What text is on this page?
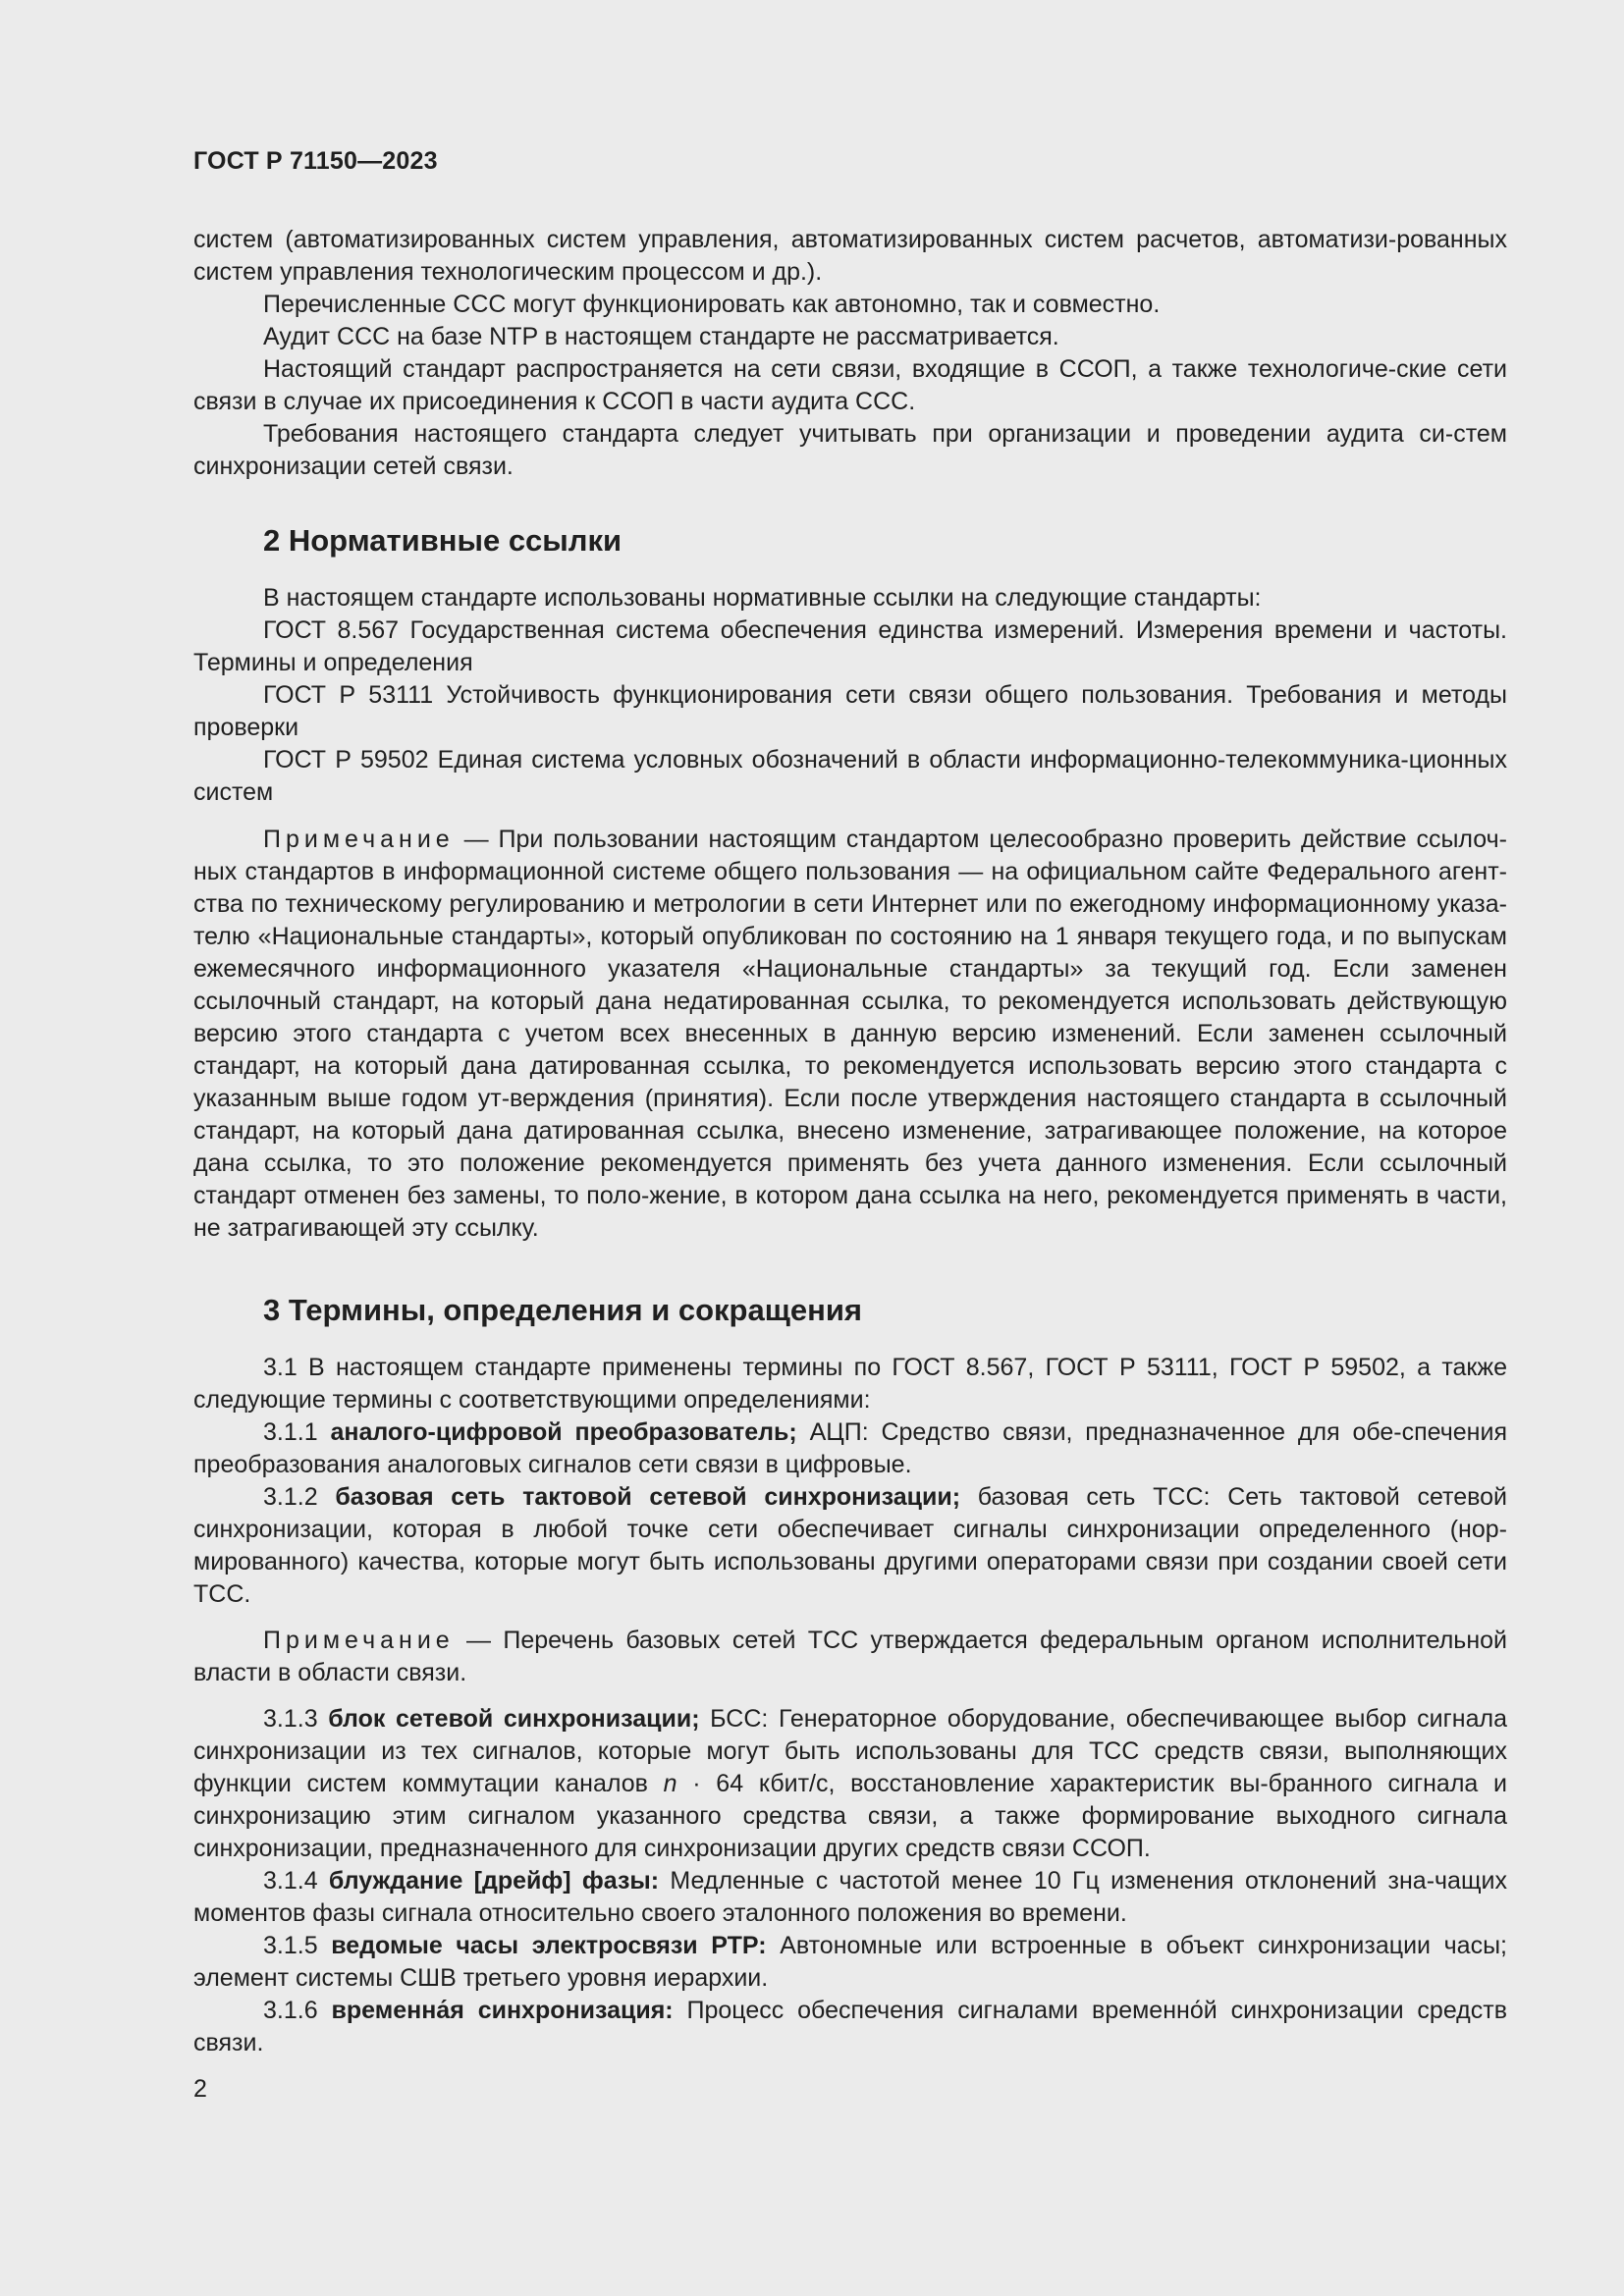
ГОСТ Р 71150—2023

систем (автоматизированных систем управления, автоматизированных систем расчетов, автоматизи-рованных систем управления технологическим процессом и др.).

Перечисленные ССС могут функционировать как автономно, так и совместно.

Аудит ССС на базе NTP в настоящем стандарте не рассматривается.

Настоящий стандарт распространяется на сети связи, входящие в ССОП, а также технологиче-ские сети связи в случае их присоединения к ССОП в части аудита ССС.

Требования настоящего стандарта следует учитывать при организации и проведении аудита си-стем синхронизации сетей связи.

2 Нормативные ссылки

В настоящем стандарте использованы нормативные ссылки на следующие стандарты:

ГОСТ 8.567 Государственная система обеспечения единства измерений. Измерения времени и частоты. Термины и определения

ГОСТ Р 53111 Устойчивость функционирования сети связи общего пользования. Требования и методы проверки

ГОСТ Р 59502 Единая система условных обозначений в области информационно-телекоммуника-ционных систем

Примечание — При пользовании настоящим стандартом целесообразно проверить действие ссылоч-ных стандартов в информационной системе общего пользования — на официальном сайте Федерального агент-ства по техническому регулированию и метрологии в сети Интернет или по ежегодному информационному указа-телю «Национальные стандарты», который опубликован по состоянию на 1 января текущего года, и по выпускам ежемесячного информационного указателя «Национальные стандарты» за текущий год. Если заменен ссылочный стандарт, на который дана недатированная ссылка, то рекомендуется использовать действующую версию этого стандарта с учетом всех внесенных в данную версию изменений. Если заменен ссылочный стандарт, на который дана датированная ссылка, то рекомендуется использовать версию этого стандарта с указанным выше годом ут-верждения (принятия). Если после утверждения настоящего стандарта в ссылочный стандарт, на который дана датированная ссылка, внесено изменение, затрагивающее положение, на которое дана ссылка, то это положение рекомендуется применять без учета данного изменения. Если ссылочный стандарт отменен без замены, то поло-жение, в котором дана ссылка на него, рекомендуется применять в части, не затрагивающей эту ссылку.

3 Термины, определения и сокращения

3.1 В настоящем стандарте применены термины по ГОСТ 8.567, ГОСТ Р 53111, ГОСТ Р 59502, а также следующие термины с соответствующими определениями:

3.1.1 аналого-цифровой преобразователь; АЦП: Средство связи, предназначенное для обе-спечения преобразования аналоговых сигналов сети связи в цифровые.

3.1.2 базовая сеть тактовой сетевой синхронизации; базовая сеть ТСС: Сеть тактовой сетевой синхронизации, которая в любой точке сети обеспечивает сигналы синхронизации определенного (нор-мированного) качества, которые могут быть использованы другими операторами связи при создании своей сети ТСС.

Примечание — Перечень базовых сетей ТСС утверждается федеральным органом исполнительной власти в области связи.

3.1.3 блок сетевой синхронизации; БСС: Генераторное оборудование, обеспечивающее выбор сигнала синхронизации из тех сигналов, которые могут быть использованы для ТСС средств связи, выполняющих функции систем коммутации каналов n · 64 кбит/с, восстановление характеристик вы-бранного сигнала и синхронизацию этим сигналом указанного средства связи, а также формирование выходного сигнала синхронизации, предназначенного для синхронизации других средств связи ССОП.

3.1.4 блуждание [дрейф] фазы: Медленные с частотой менее 10 Гц изменения отклонений зна-чащих моментов фазы сигнала относительно своего эталонного положения во времени.

3.1.5 ведомые часы электросвязи РТР: Автономные или встроенные в объект синхронизации часы; элемент системы СШВ третьего уровня иерархии.

3.1.6 временна́я синхронизация: Процесс обеспечения сигналами временно́й синхронизации средств связи.

2
